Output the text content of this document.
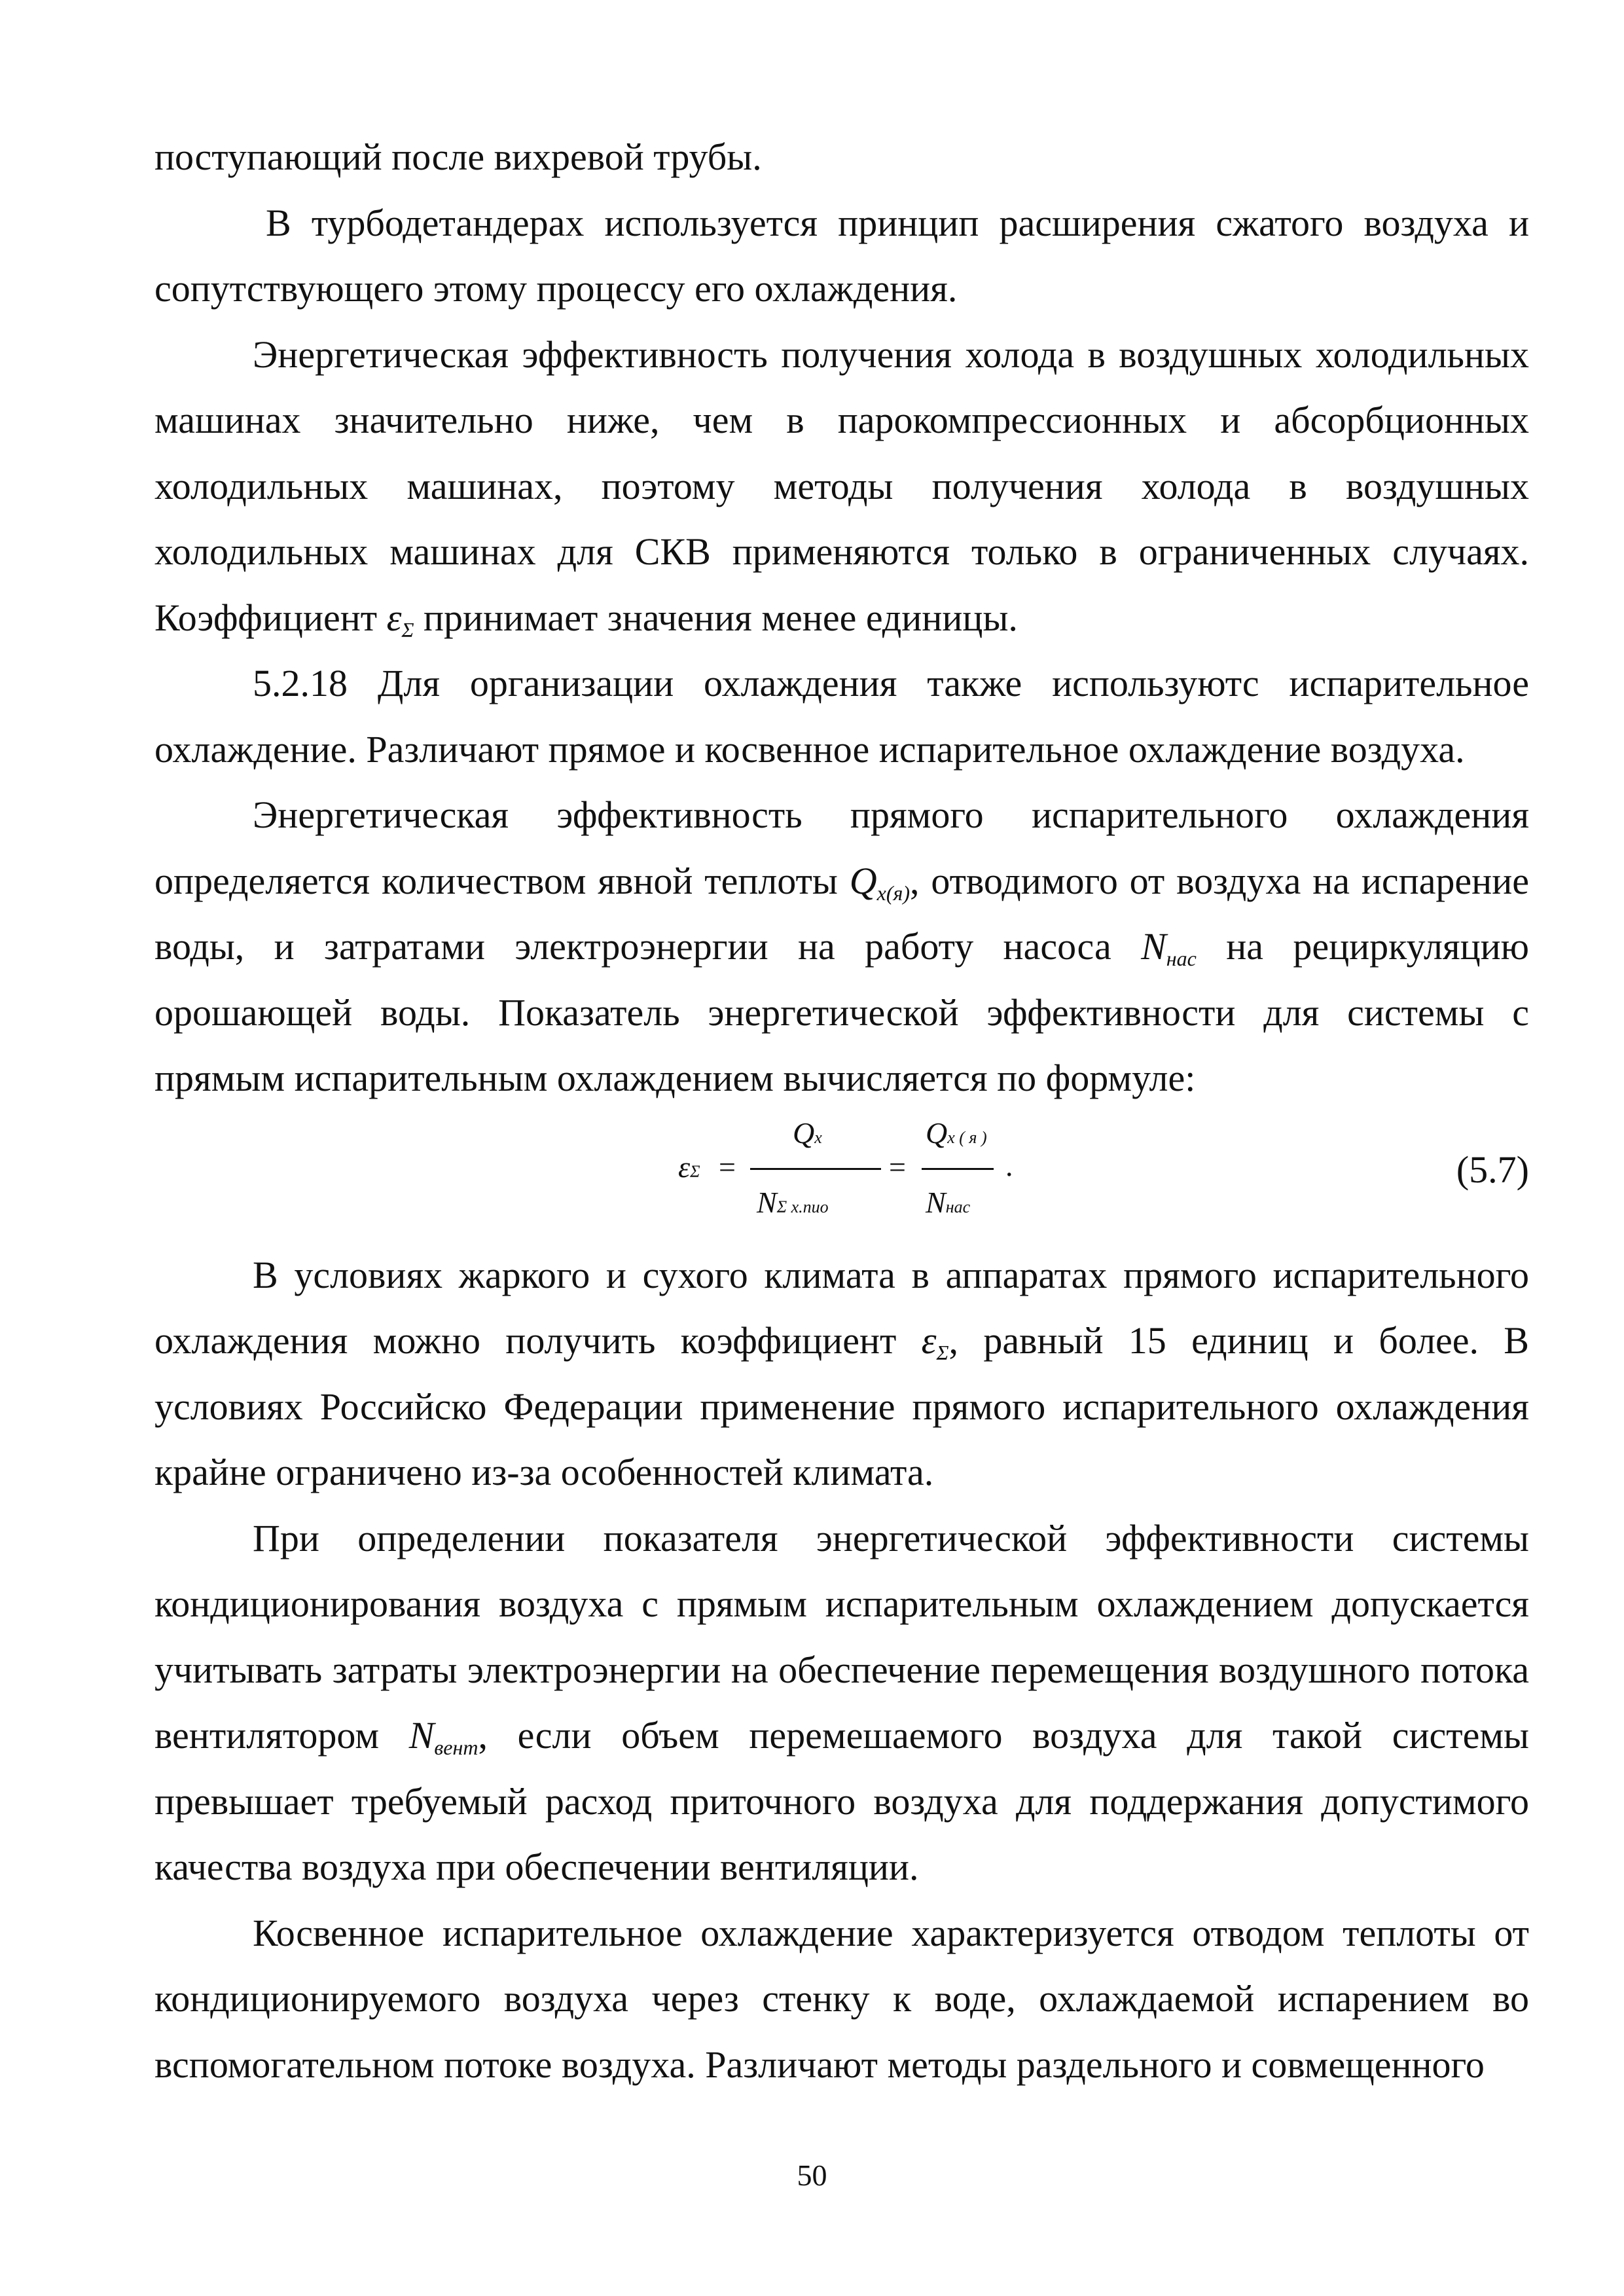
поступающий после вихревой трубы.

В турбодетандерах используется принцип расширения сжатого воздуха и сопутствующего этому процессу его охлаждения.

Энергетическая эффективность получения холода в воздушных холодильных машинах значительно ниже, чем в парокомпрессионных и абсорбционных холодильных машинах, поэтому методы получения холода в воздушных холодильных машинах для СКВ применяются только в ограниченных случаях. Коэффициент $\varepsilon_\Sigma$ принимает значения менее единицы.

5.2.18 Для организации охлаждения также используютс испарительное охлаждение. Различают прямое и косвенное испарительное охлаждение воздуха.

Энергетическая эффективность прямого испарительного охлаждения определяется количеством явной теплоты $Q_{x(я)}$, отводимого от воздуха на испарение воды, и затратами электроэнергии на работу насоса $N_{нас}$ на рециркуляцию орошающей воды. Показатель энергетической эффективности для системы с прямым испарительным охлаждением вычисляется по формуле:

εΣ =
Qx
NΣ x.пио
=
Qx ( я )
Nнас
.	(5.7)

В условиях жаркого и сухого климата в аппаратах прямого испарительного охлаждения можно получить коэффициент $\varepsilon_\Sigma$, равный 15 единиц и более. В условиях Российско Федерации применение прямого испарительного охлаждения крайне ограничено из-за особенностей климата.

При определении показателя энергетической эффективности системы кондиционирования воздуха с прямым испарительным охлаждением допускается учитывать затраты электроэнергии на обеспечение перемещения воздушного потока вентилятором $N_{вент}$, если объем перемешаемого воздуха для такой системы превышает требуемый расход приточного воздуха для поддержания допустимого качества воздуха при обеспечении вентиляции.

Косвенное испарительное охлаждение характеризуется отводом теплоты от кондиционируемого воздуха через стенку к воде, охлаждаемой испарением во вспомогательном потоке воздуха. Различают методы раздельного и совмещенного

50
